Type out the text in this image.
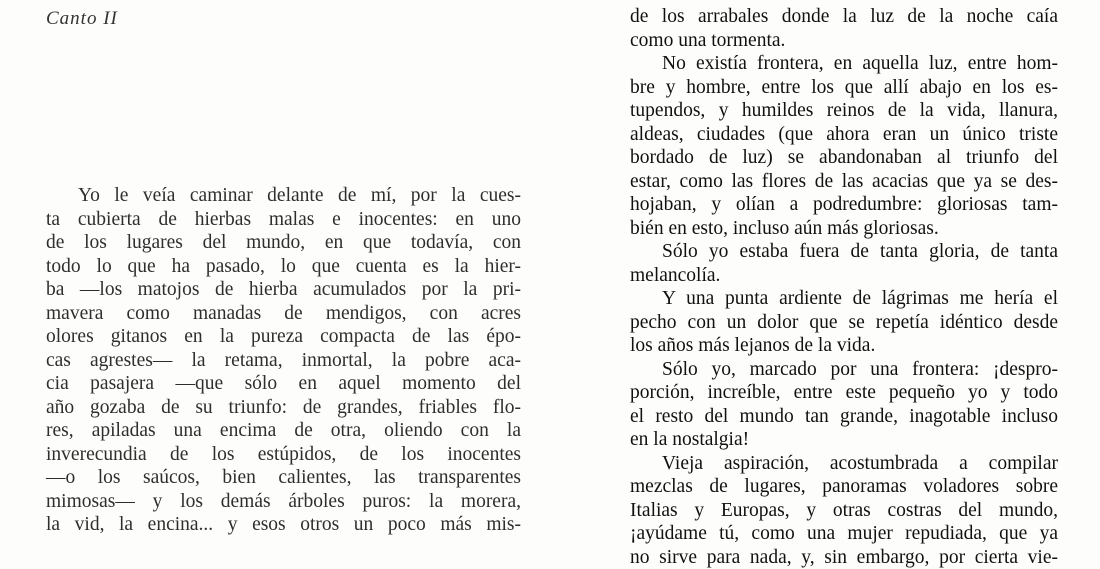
Canto II
Yo le veía caminar delante de mí, por la cues-
ta cubierta de hierbas malas e inocentes: en uno
de los lugares del mundo, en que todavía, con
todo lo que ha pasado, lo que cuenta es la hier-
ba —los matojos de hierba acumulados por la pri-
mavera como manadas de mendigos, con acres
olores gitanos en la pureza compacta de las épo-
cas agrestes— la retama, inmortal, la pobre aca-
cia pasajera —que sólo en aquel momento del
año gozaba de su triunfo: de grandes, friables flo-
res, apiladas una encima de otra, oliendo con la
inverecundia de los estúpidos, de los inocentes
—o los saúcos, bien calientes, las transparentes
mimosas— y los demás árboles puros: la morera,
la vid, la encina... y esos otros un poco más mis-
de los arrabales donde la luz de la noche caía
como una tormenta.
No existía frontera, en aquella luz, entre hom-
bre y hombre, entre los que allí abajo en los es-
tupendos, y humildes reinos de la vida, llanura,
aldeas, ciudades (que ahora eran un único triste
bordado de luz) se abandonaban al triunfo del
estar, como las flores de las acacias que ya se des-
hojaban, y olían a podredumbre: gloriosas tam-
bién en esto, incluso aún más gloriosas.
Sólo yo estaba fuera de tanta gloria, de tanta
melancolía.
Y una punta ardiente de lágrimas me hería el
pecho con un dolor que se repetía idéntico desde
los años más lejanos de la vida.
Sólo yo, marcado por una frontera: ¡despro-
porción, increíble, entre este pequeño yo y todo
el resto del mundo tan grande, inagotable incluso
en la nostalgia!
Vieja aspiración, acostumbrada a compilar
mezclas de lugares, panoramas voladores sobre
Italias y Europas, y otras costras del mundo,
¡ayúdame tú, como una mujer repudiada, que ya
no sirve para nada, y, sin embargo, por cierta vie-
